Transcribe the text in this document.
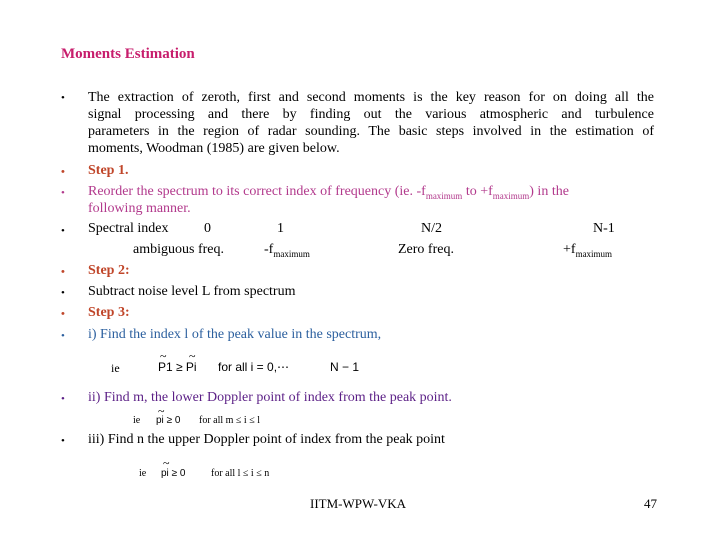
Moments Estimation
• The extraction of zeroth, first and second moments is the key reason for on doing all the
signal processing and there by finding out the various atmospheric and turbulence
parameters in the region of radar sounding. The basic steps involved in the estimation of
moments, Woodman (1985) are given below.
• Step 1.
• Reorder the spectrum to its correct index of frequency (ie. $-f_{maximum}$ to $+f_{maximum}$) in the
following manner.
• Spectral index	0	1	N/2	N-1
ambiguous freq.	$-f_{maximum}$	Zero freq.	$+f_{maximum}$
• Step 2:
• Subtract noise level L from spectrum
• Step 3:
• i) Find the index l of the peak value in the spectrum,
ie
~ ~
P1 ≥ Pi for all i = 0,⋯	N − 1
• ii) Find m, the lower Doppler point of index from the peak point.
ie
~
pi ≥ 0 for all m ≤ i ≤ l
• iii) Find n the upper Doppler point of index from the peak point
ie
~
pi ≥ 0	for all l ≤ i ≤ n
IITM-WPW-VKA	47
